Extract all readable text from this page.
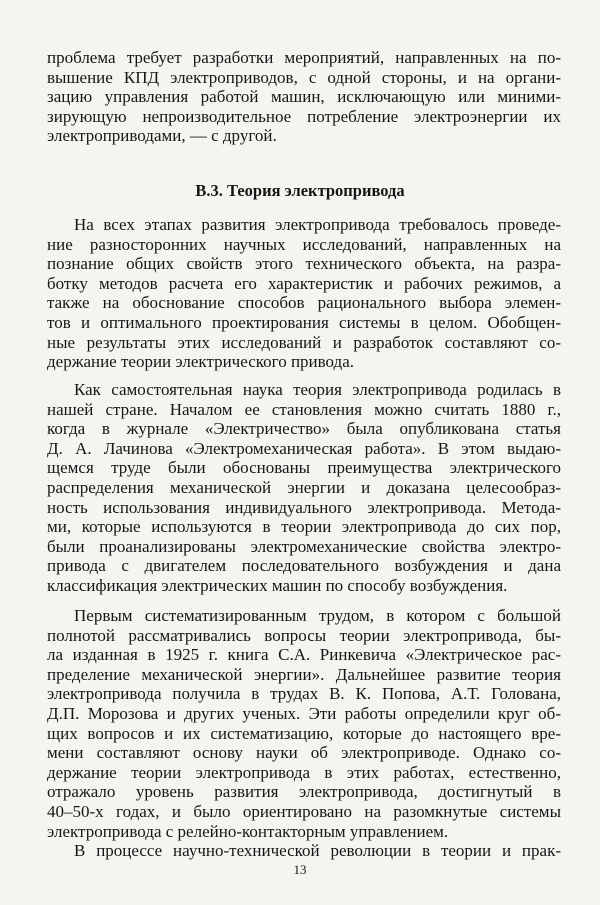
проблема требует разработки мероприятий, направленных на по-
вышение КПД электроприводов, с одной стороны, и на органи-
зацию управления работой машин, исключающую или миними-
зирующую непроизводительное потребление электроэнергии их
электроприводами, — с другой.
В.3. Теория электропривода
На всех этапах развития электропривода требовалось проведе-
ние разносторонних научных исследований, направленных на
познание общих свойств этого технического объекта, на разра-
ботку методов расчета его характеристик и рабочих режимов, а
также на обоснование способов рационального выбора элемен-
тов и оптимального проектирования системы в целом. Обобщен-
ные результаты этих исследований и разработок составляют со-
держание теории электрического привода.
Как самостоятельная наука теория электропривода родилась в
нашей стране. Началом ее становления можно считать 1880 г.,
когда в журнале «Электричество» была опубликована статья
Д. А. Лачинова «Электромеханическая работа». В этом выдаю-
щемся труде были обоснованы преимущества электрического
распределения механической энергии и доказана целесообраз-
ность использования индивидуального электропривода. Метода-
ми, которые используются в теории электропривода до сих пор,
были проанализированы электромеханические свойства электро-
привода с двигателем последовательного возбуждения и дана
классификация электрических машин по способу возбуждения.
13
Первым систематизированным трудом, в котором с большой
полнотой рассматривались вопросы теории электропривода, бы-
ла изданная в 1925 г. книга С.А. Ринкевича «Электрическое рас-
пределение механической энергии». Дальнейшее развитие теория
электропривода получила в трудах В. К. Попова, А.Т. Голована,
Д.П. Морозова и других ученых. Эти работы определили круг об-
щих вопросов и их систематизацию, которые до настоящего вре-
мени составляют основу науки об электроприводе. Однако со-
держание теории электропривода в этих работах, естественно,
отражало уровень развития электропривода, достигнутый в
40–50-х годах, и было ориентировано на разомкнутые системы
электропривода с релейно-контакторным управлением.
В процессе научно-технической революции в теории и прак-
